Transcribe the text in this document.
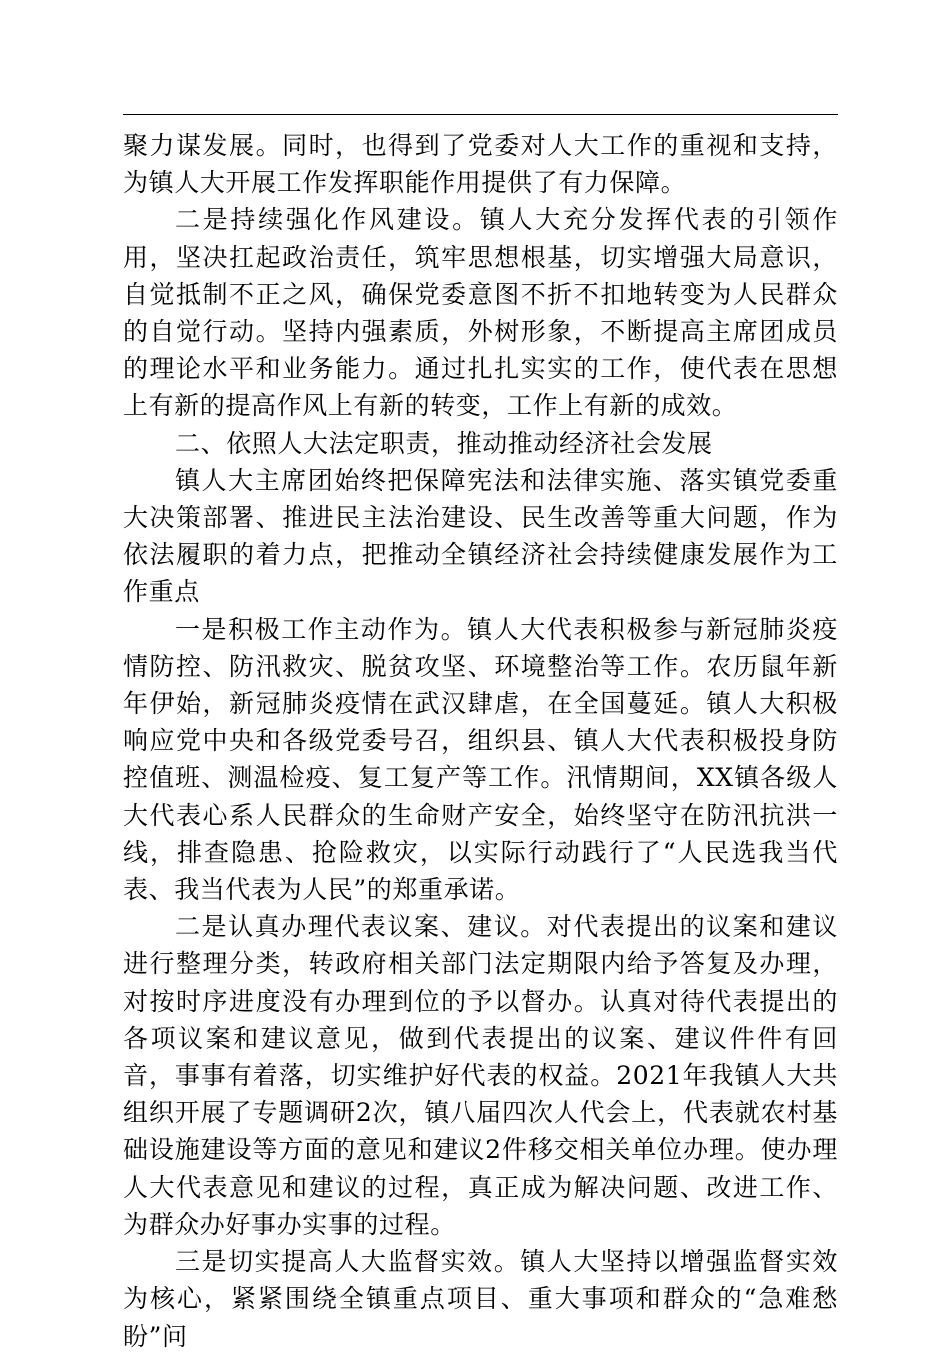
聚力谋发展。同时，也得到了党委对人大工作的重视和支持，为镇人大开展工作发挥职能作用提供了有力保障。

二是持续强化作风建设。镇人大充分发挥代表的引领作用，坚决扛起政治责任，筑牢思想根基，切实增强大局意识，自觉抵制不正之风，确保党委意图不折不扣地转变为人民群众的自觉行动。坚持内强素质，外树形象，不断提高主席团成员的理论水平和业务能力。通过扎扎实实的工作，使代表在思想上有新的提高作风上有新的转变，工作上有新的成效。

二、依照人大法定职责，推动推动经济社会发展

镇人大主席团始终把保障宪法和法律实施、落实镇党委重大决策部署、推进民主法治建设、民生改善等重大问题，作为依法履职的着力点，把推动全镇经济社会持续健康发展作为工作重点

一是积极工作主动作为。镇人大代表积极参与新冠肺炎疫情防控、防汛救灾、脱贫攻坚、环境整治等工作。农历鼠年新年伊始，新冠肺炎疫情在武汉肆虐，在全国蔓延。镇人大积极响应党中央和各级党委号召，组织县、镇人大代表积极投身防控值班、测温检疫、复工复产等工作。汛情期间，XX镇各级人大代表心系人民群众的生命财产安全，始终坚守在防汛抗洪一线，排查隐患、抢险救灾，以实际行动践行了“人民选我当代表、我当代表为人民”的郑重承诺。

二是认真办理代表议案、建议。对代表提出的议案和建议进行整理分类，转政府相关部门法定期限内给予答复及办理，对按时序进度没有办理到位的予以督办。认真对待代表提出的各项议案和建议意见，做到代表提出的议案、建议件件有回音，事事有着落，切实维护好代表的权益。2021年我镇人大共组织开展了专题调研2次，镇八届四次人代会上，代表就农村基础设施建设等方面的意见和建议2件移交相关单位办理。使办理人大代表意见和建议的过程，真正成为解决问题、改进工作、为群众办好事办实事的过程。

三是切实提高人大监督实效。镇人大坚持以增强监督实效为核心，紧紧围绕全镇重点项目、重大事项和群众的“急难愁盼”问
